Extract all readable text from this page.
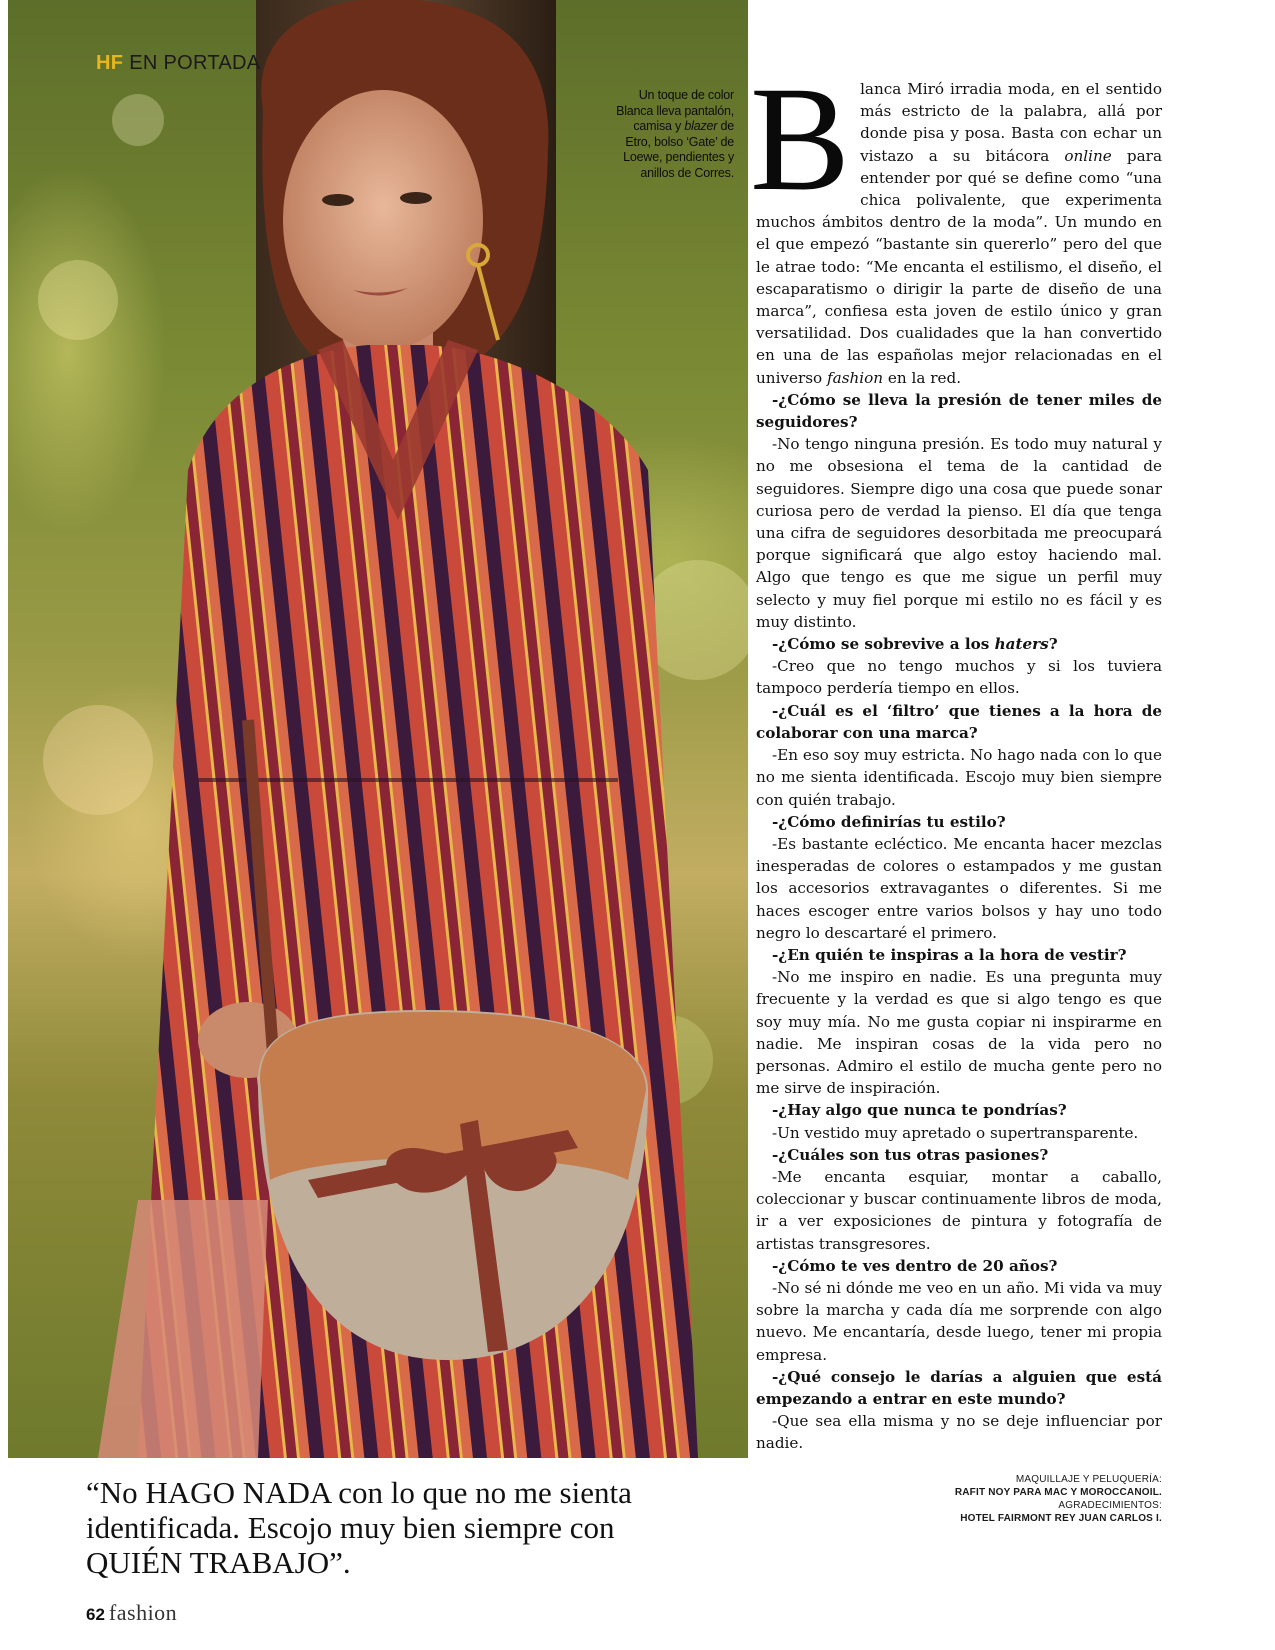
HF EN PORTADA
Un toque de color Blanca lleva pantalón, camisa y blazer de Etro, bolso ‘Gate’ de Loewe, pendientes y anillos de Corres. Blanca Miró irradia moda, en el sentido más estricto de la palabra, allá por donde pisa y posa. Basta con echar un vistazo a su bitácora online para entender por qué se define como “una chica polivalente, que experimenta muchos ámbitos dentro de la moda”. Un mundo en el que empezó “bastante sin quererlo” pero del que le atrae todo: “Me encanta el estilismo, el diseño, el escaparatismo o dirigir la parte de diseño de una marca”, confiesa esta joven de estilo único y gran versatilidad. Dos cualidades que la han convertido en una de las españolas mejor relacionadas en el universo fashion en la red.

-¿Cómo se lleva la presión de tener miles de seguidores?

-No tengo ninguna presión. Es todo muy natural y no me obsesiona el tema de la cantidad de seguidores. Siempre digo una cosa que puede sonar curiosa pero de verdad la pienso. El día que tenga una cifra de seguidores desorbitada me preocupará porque significará que algo estoy haciendo mal. Algo que tengo es que me sigue un perfil muy selecto y muy fiel porque mi estilo no es fácil y es muy distinto.

-¿Cómo se sobrevive a los haters?

-Creo que no tengo muchos y si los tuviera tampoco perdería tiempo en ellos.

-¿Cuál es el ‘filtro’ que tienes a la hora de colaborar con una marca?

-En eso soy muy estricta. No hago nada con lo que no me sienta identificada. Escojo muy bien siempre con quién trabajo.

-¿Cómo definirías tu estilo?

-Es bastante ecléctico. Me encanta hacer mezclas inesperadas de colores o estampados y me gustan los accesorios extravagantes o diferentes. Si me haces escoger entre varios bolsos y hay uno todo negro lo descartaré el primero.

-¿En quién te inspiras a la hora de vestir?

-No me inspiro en nadie. Es una pregunta muy frecuente y la verdad es que si algo tengo es que soy muy mía. No me gusta copiar ni inspirarme en nadie. Me inspiran cosas de la vida pero no personas. Admiro el estilo de mucha gente pero no me sirve de inspiración.

-¿Hay algo que nunca te pondrías?

-Un vestido muy apretado o supertransparente.

-¿Cuáles son tus otras pasiones?

-Me encanta esquiar, montar a caballo, coleccionar y buscar continuamente libros de moda, ir a ver exposiciones de pintura y fotografía de artistas transgresores.

-¿Cómo te ves dentro de 20 años?

-No sé ni dónde me veo en un año. Mi vida va muy sobre la marcha y cada día me sorprende con algo nuevo. Me encantaría, desde luego, tener mi propia empresa.

-¿Qué consejo le darías a alguien que está empezando a entrar en este mundo?

-Que sea ella misma y no se deje influenciar por nadie.

“No HAGO NADA con lo que no me sienta identificada. Escojo muy bien siempre con QUIÉN TRABAJO”.
MAQUILLAJE Y PELUQUERÍA:
RAFIT NOY PARA MAC Y MOROCCANOIL.
AGRADECIMIENTOS:
HOTEL FAIRMONT REY JUAN CARLOS I.
62 fashion
